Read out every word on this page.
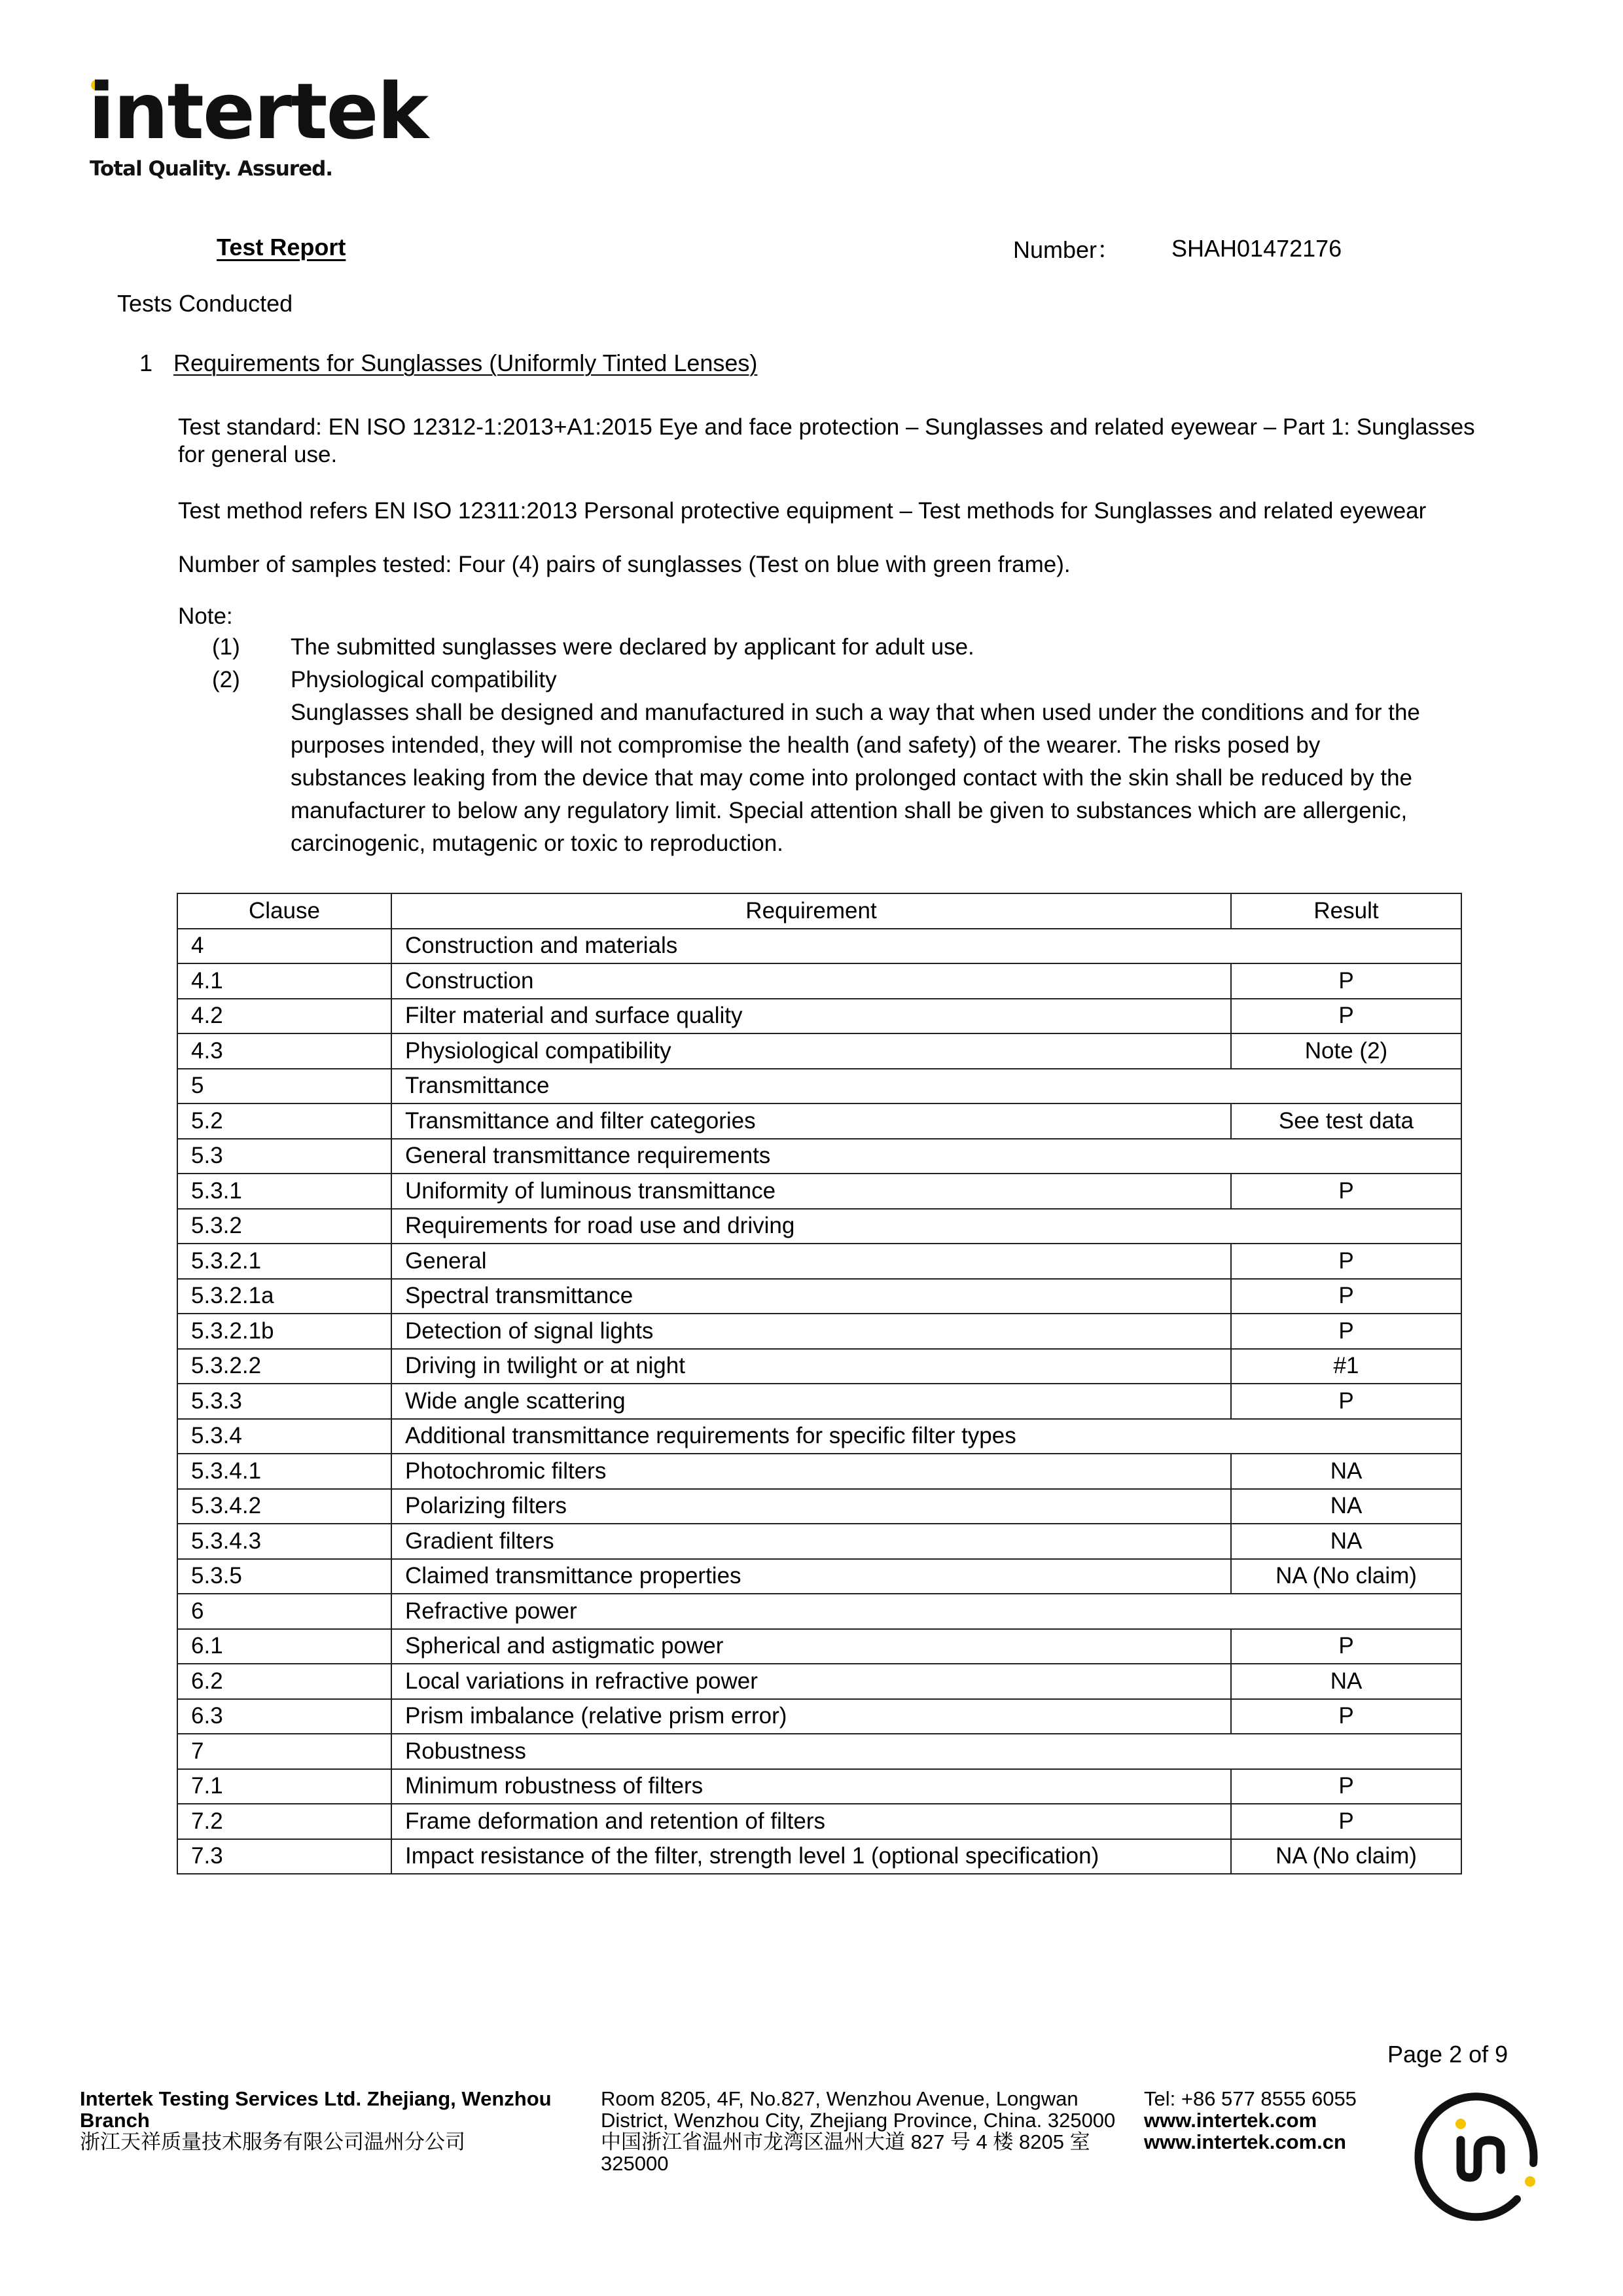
intertek
Total Quality. Assured.
Test Report	Number： SHAH01472176
Tests Conducted
1 Requirements for Sunglasses (Uniformly Tinted Lenses)
Test standard: EN ISO 12312-1:2013+A1:2015 Eye and face protection – Sunglasses and related eyewear – Part 1: Sunglasses for general use.
Test method refers EN ISO 12311:2013 Personal protective equipment – Test methods for Sunglasses and related eyewear
Number of samples tested: Four (4) pairs of sunglasses (Test on blue with green frame).
Note:
(1)	The submitted sunglasses were declared by applicant for adult use.
(2)	Physiological compatibility
Sunglasses shall be designed and manufactured in such a way that when used under the conditions and for the purposes intended, they will not compromise the health (and safety) of the wearer. The risks posed by substances leaking from the device that may come into prolonged contact with the skin shall be reduced by the manufacturer to below any regulatory limit. Special attention shall be given to substances which are allergenic, carcinogenic, mutagenic or toxic to reproduction.
Clause	Requirement	Result
4	Construction and materials	
4.1	Construction	P
4.2	Filter material and surface quality	P
4.3	Physiological compatibility	Note (2)
5	Transmittance	
5.2	Transmittance and filter categories	See test data
5.3	General transmittance requirements	
5.3.1	Uniformity of luminous transmittance	P
5.3.2	Requirements for road use and driving	
5.3.2.1	General	P
5.3.2.1a	Spectral transmittance	P
5.3.2.1b	Detection of signal lights	P
5.3.2.2	Driving in twilight or at night	#1
5.3.3	Wide angle scattering	P
5.3.4	Additional transmittance requirements for specific filter types	
5.3.4.1	Photochromic filters	NA
5.3.4.2	Polarizing filters	NA
5.3.4.3	Gradient filters	NA
5.3.5	Claimed transmittance properties	NA (No claim)
6	Refractive power	
6.1	Spherical and astigmatic power	P
6.2	Local variations in refractive power	NA
6.3	Prism imbalance (relative prism error)	P
7	Robustness	
7.1	Minimum robustness of filters	P
7.2	Frame deformation and retention of filters	P
7.3	Impact resistance of the filter, strength level 1 (optional specification)	NA (No claim)
Page 2 of 9
Intertek Testing Services Ltd. Zhejiang, Wenzhou Branch
浙江天祥质量技术服务有限公司温州分公司
Room 8205, 4F, No.827, Wenzhou Avenue, Longwan District, Wenzhou City, Zhejiang Province, China. 325000
中国浙江省温州市龙湾区温州大道 827 号 4 楼 8205 室
325000
Tel: +86 577 8555 6055
www.intertek.com
www.intertek.com.cn
